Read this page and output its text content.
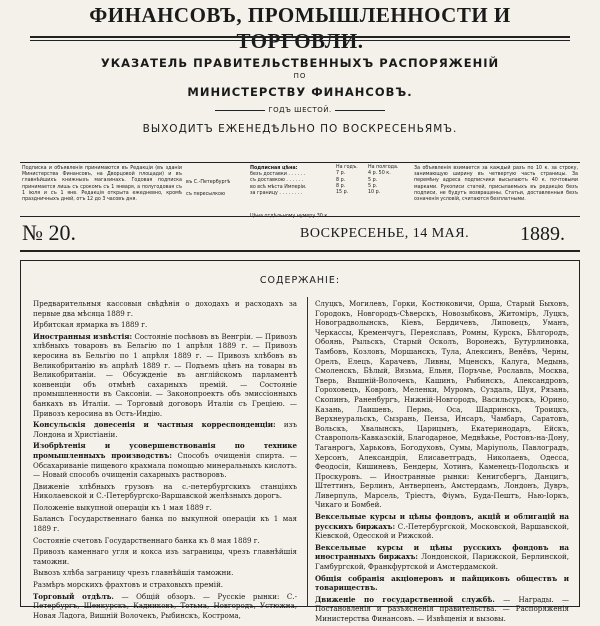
ФИНАНСОВЪ, ПРОМЫШЛЕННОСТИ И ТОРГОВЛИ.
УКАЗАТЕЛЬ ПРАВИТЕЛЬСТВЕННЫХЪ РАСПОРЯЖЕНІЙ
ПО
МИНИСТЕРСТВУ ФИНАНСОВЪ.
ГОДЪ ШЕСТОЙ.
ВЫХОДИТЪ ЕЖЕНЕДѢЛЬНО ПО ВОСКРЕСЕНЬЯМЪ.

Подписка и объявленія принимаются въ Редакціи (въ зданіи Министерства Финансовъ, на Дворцовой площади) и въ главнѣйшихъ книжныхъ магазинахъ. Годовая подписка принимается лишь съ срокомъ съ 1 января, а полугодовая съ 1 іюля и съ 1 янв. Редакція открыта ежедневно, кромѣ праздничныхъ дней, отъ 12 до 3 часовъ дня.

въ С.-Петербургѣ

съ пересылкою

Подписная цѣна:

безъ доставки . . . . . .

съ доставкою . . . . . .

во всѣ мѣста Имперіи.

за границу . . . . . . . .

На годъ.

7 р.

8 р.

8 р.

15 р.

На полгода.

4 р. 50 к.

5 р.

5 р.

10 р.

Цѣна отдѣльному нумеру 30 к.

За объявленія взимается за каждый разъ по 10 к. за строку, занимающую ширину въ четвертую часть страницы. За перемѣну адреса подписчики высылаютъ 40 к. почтовыми марками. Рукописи статей, присылаемыхъ въ редакцію безъ подписи, не будутъ возвращены. Статьи, доставленныя безъ означенія условій, считаются безплатными.

№ 20.	ВОСКРЕСЕНЬЕ, 14 МАЯ.	1889.
СОДЕРЖАНІЕ:

Предварительныя кассовыя свѣдѣнія о доходахъ и расходахъ за первые два мѣсяца 1889 г.

Ирбитская ярмарка въ 1889 г.

Иностранныя извѣстія: Состояніе посѣвовъ въ Венгріи. — Привозъ хлѣбныхъ товаровъ въ Бельгію по 1 апрѣля 1889 г. — Привозъ керосина въ Бельгію по 1 апрѣля 1889 г. — Привозъ хлѣбовъ въ Великобританію въ апрѣлѣ 1889 г. — Подъемъ цѣнъ на товары въ Великобританіи. — Обсужденіе въ англійскомъ парламентѣ конвенціи объ отмѣнѣ сахарныхъ премій. — Состояніе промышленности въ Саксоніи. — Законопроектъ объ эмиссіонныхъ банкахъ въ Италіи. — Торговый договоръ Италіи съ Греціею. — Привозъ керосина въ Остъ-Индію.

Консульскія донесенія и частныя корреспонденціи: изъ Лондона и Христіаніи.

Изобрѣтенія и усовершенствованія по технике промышленныхъ производствъ: Способъ очищенія спирта. — Обсахариваніе пищевого крахмала помощью минеральныхъ кислотъ. — Новый способъ очищенія сахарныхъ растворовъ.

Движеніе хлѣбныхъ грузовъ на с.-петербургскихъ станціяхъ Николаевской и С.-Петербургско-Варшавской желѣзныхъ дорогъ.

Положеніе выкупной операціи къ 1 мая 1889 г.

Балансъ Государственнаго банка по выкупной операціи къ 1 мая 1889 г.

Состояніе счетовъ Государственнаго банка къ 8 мая 1889 г.

Привозъ каменнаго угля и кокса изъ заграницы, чрезъ главнѣйшія таможни.

Вывозъ хлѣба заграницу чрезъ главнѣйшія таможни.

Размѣръ морскихъ фрахтовъ и страховыхъ премій.

Торговый отдѣлъ. — Общій обзоръ. — Русскіе рынки: С.-Петербургъ, Шенкурскъ, Кадниковъ, Тотьма, Новгородъ, Устюжна, Новая Ладога, Вишній Волочекъ, Рыбинскъ, Кострома,

Слуцкъ, Могилевъ, Горки, Костюковичи, Орша, Старый Быховъ, Городокъ, Новгородъ-Сѣверскъ, Новозыбковъ, Житоміръ, Луцкъ, Новоградволынскъ, Кіевъ, Бердичевъ, Липовецъ, Уманъ, Черкассы, Кременчугъ, Переяславъ, Ромны, Курскъ, Бѣлгородъ, Обоянь, Рыльскъ, Старый Осколъ, Воронежъ, Бутурлиновка, Тамбовъ, Козловъ, Моршанскъ, Тула, Алексинъ, Венёвъ, Черны, Орелъ, Елецъ, Карачевъ, Ливны, Мценскъ, Калуга, Медынь, Смоленскъ, Бѣлый, Вязьма, Ельня, Поръчье, Рославль, Москва, Тверь, Вышній-Волочекъ, Кашинъ, Рыбинскъ, Александровъ, Гороховецъ, Ковровъ, Меленки, Муромъ, Суздаль, Шуя, Рязань, Скопинъ, Раненбургъ, Нижній-Новгородъ, Васильсурскъ, Юрино, Казань, Лаишевъ, Пермь, Оса, Шадринскъ, Троицкъ, Верхнеуральскъ, Сызрань, Пенза, Инсаръ, Чамбаръ, Саратовъ, Вольскъ, Хвалынскъ, Царицынъ, Екатеринодаръ, Ейскъ, Ставрополь-Кавказскій, Благодарное, Медвѣжье, Ростовъ-на-Дону, Таганрогъ, Харьковъ, Богодуховъ, Сумы, Маріуполь, Павлоградъ, Херсонъ, Александрія, Елисаветградъ, Николаевъ, Одесса, Феодосія, Кишиневъ, Бендеры, Хотинъ, Каменецъ-Подольскъ и Проскуровъ. — Иностранные рынки: Кенигсбергъ, Данцигъ, Штеттинъ, Берлинъ, Антверпенъ, Амстердамъ, Лондонъ, Дувръ, Ливерпуль, Марсель, Тріестъ, Фіумъ, Буда-Пештъ, Нью-Іоркъ, Чикаго и Бомбей.

Вексельные курсы и цѣны фондовъ, акцій и облигацій на русскихъ биржахъ: С.-Петербургской, Московской, Варшавской, Кіевской, Одесской и Рижской.

Вексельные курсы и цѣны русскихъ фондовъ на иностранныхъ биржахъ: Лондонской, Парижской, Берлинской, Гамбургской, Франкфуртской и Амстердамской.

Общія собранія акціонеровъ и пайщиковъ обществъ и товариществъ.

Движеніе по государственной службѣ. — Награды. — Постановленія и разъясненія правительства. — Распоряженія Министерства Финансовъ. — Извѣщенія и вызовы.
